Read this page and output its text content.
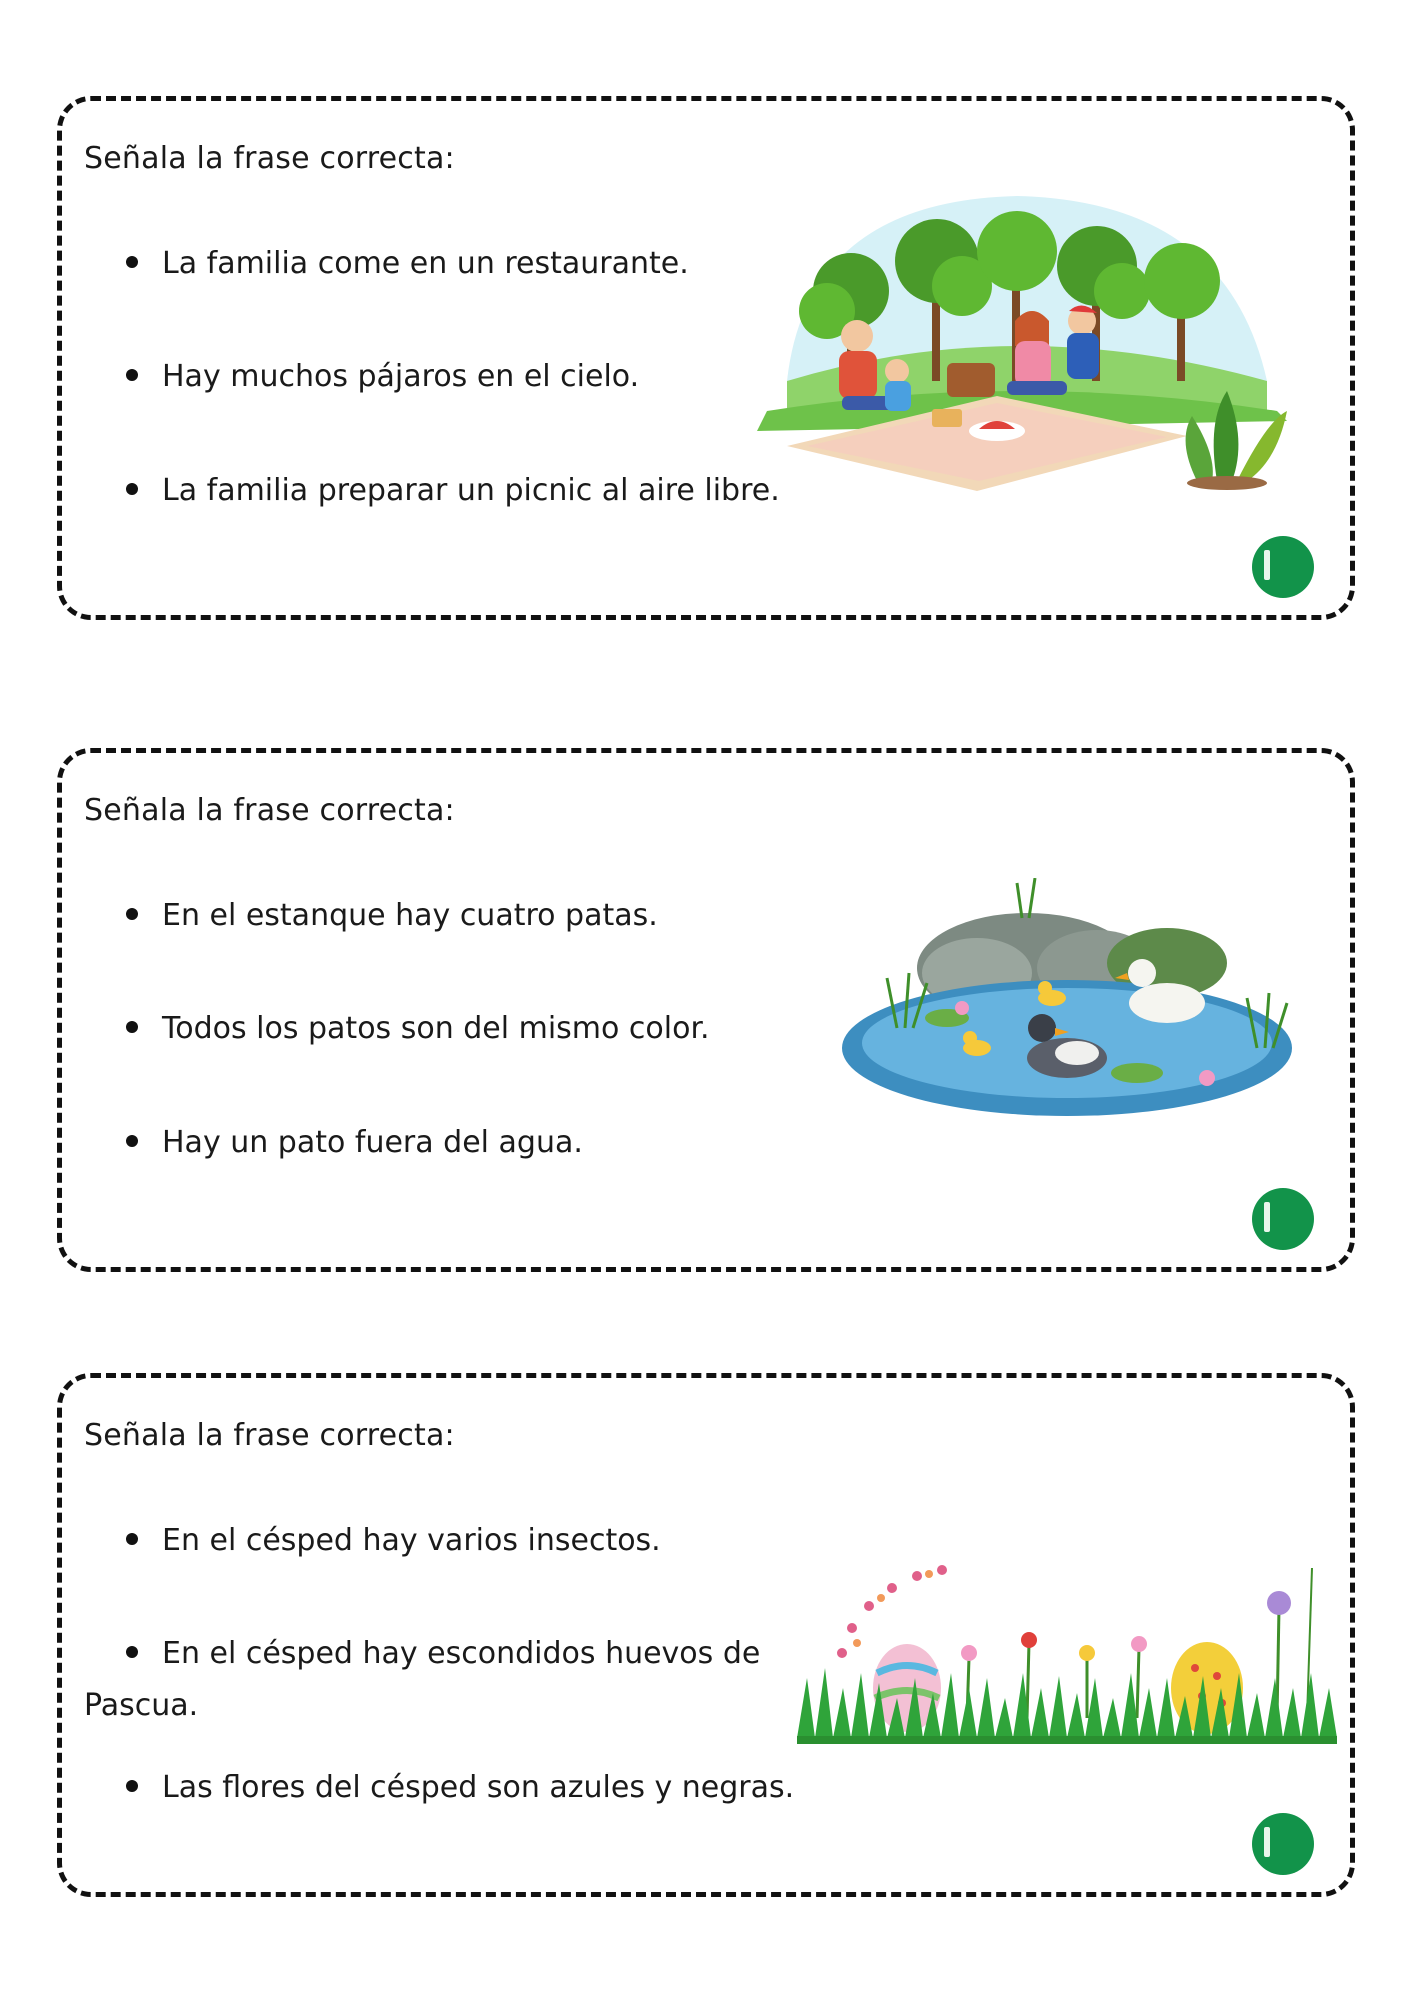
Señala la frase correcta:
La familia come en un restaurante.
Hay muchos pájaros en el cielo.
La familia preparar un picnic al aire libre.
Señala la frase correcta:
En el estanque hay cuatro patas.
Todos los patos son del mismo color.
Hay un pato fuera del agua.
Señala la frase correcta:
En el césped hay varios insectos.
En el césped hay escondidos huevos de
Pascua.
Las flores del césped son azules y negras.
